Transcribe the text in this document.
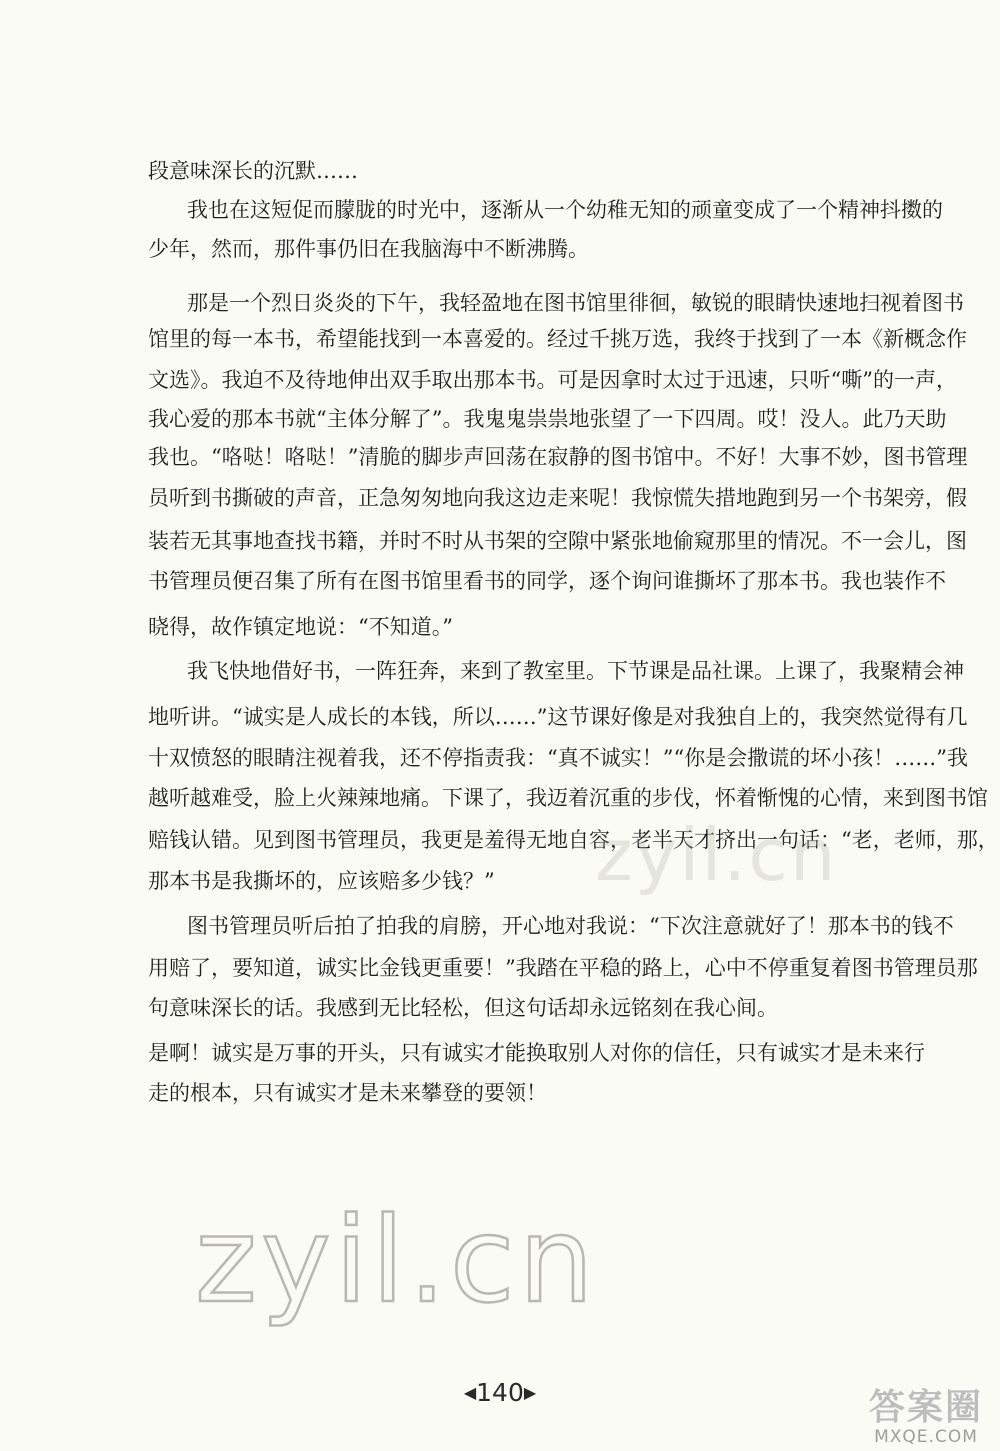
段意味深长的沉默……

我也在这短促而朦胧的时光中，逐渐从一个幼稚无知的顽童变成了一个精神抖擞的

少年，然而，那件事仍旧在我脑海中不断沸腾。

那是一个烈日炎炎的下午，我轻盈地在图书馆里徘徊，敏锐的眼睛快速地扫视着图书

馆里的每一本书，希望能找到一本喜爱的。经过千挑万选，我终于找到了一本《新概念作

文选》。我迫不及待地伸出双手取出那本书。可是因拿时太过于迅速，只听“嘶”的一声，

我心爱的那本书就“主体分解了”。我鬼鬼祟祟地张望了一下四周。哎！没人。此乃天助

我也。“咯哒！咯哒！”清脆的脚步声回荡在寂静的图书馆中。不好！大事不妙，图书管理

员听到书撕破的声音，正急匆匆地向我这边走来呢！我惊慌失措地跑到另一个书架旁，假

装若无其事地查找书籍，并时不时从书架的空隙中紧张地偷窥那里的情况。不一会儿，图

书管理员便召集了所有在图书馆里看书的同学，逐个询问谁撕坏了那本书。我也装作不

晓得，故作镇定地说：“不知道。”

我飞快地借好书，一阵狂奔，来到了教室里。下节课是品社课。上课了，我聚精会神

地听讲。“诚实是人成长的本钱，所以……”这节课好像是对我独自上的，我突然觉得有几

十双愤怒的眼睛注视着我，还不停指责我：“真不诚实！”“你是会撒谎的坏小孩！……”我

越听越难受，脸上火辣辣地痛。下课了，我迈着沉重的步伐，怀着惭愧的心情，来到图书馆

赔钱认错。见到图书管理员，我更是羞得无地自容，老半天才挤出一句话：“老，老师，那，

那本书是我撕坏的，应该赔多少钱？”

图书管理员听后拍了拍我的肩膀，开心地对我说：“下次注意就好了！那本书的钱不

用赔了，要知道，诚实比金钱更重要！”我踏在平稳的路上，心中不停重复着图书管理员那

句意味深长的话。我感到无比轻松，但这句话却永远铭刻在我心间。

是啊！诚实是万事的开头，只有诚实才能换取别人对你的信任，只有诚实才是未来行

走的根本，只有诚实才是未来攀登的要领！

zyil.cn
zyil.cn
◀ 140 ▶	答案圈
MXQE.COM
